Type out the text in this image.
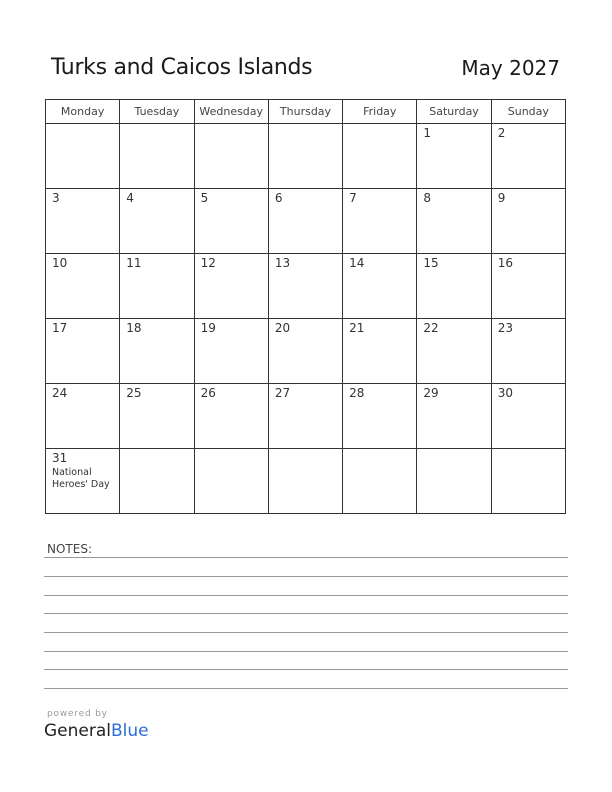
Turks and Caicos Islands	May 2027
Monday	Tuesday	Wednesday	Thursday	Friday	Saturday	Sunday

					1	2

3	4	5	6	7	8	9

10	11	12	13	14	15	16

17	18	19	20	21	22	23

24	25	26	27	28	29	30

31
National Heroes' Day						

NOTES:
powered by
GeneralBlue
